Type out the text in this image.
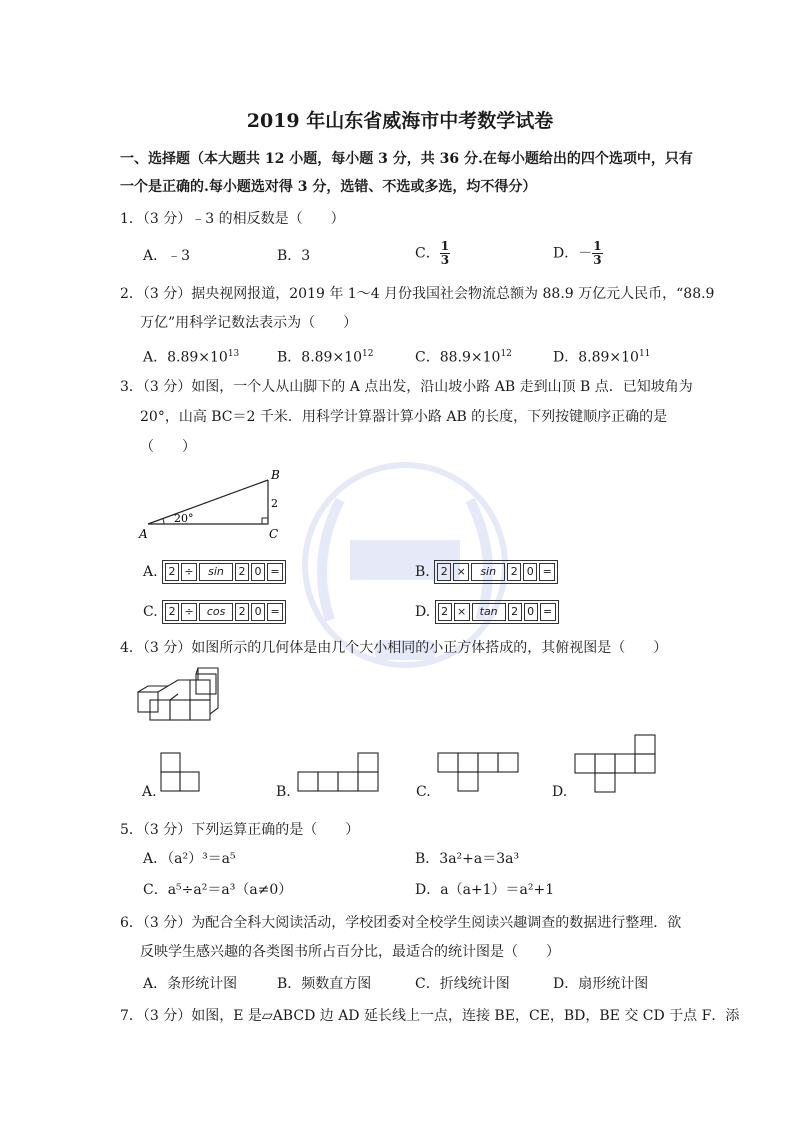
2019 年山东省威海市中考数学试卷
一、选择题（本大题共 12 小题，每小题 3 分，共 36 分.在每小题给出的四个选项中，只有
一个是正确的.每小题选对得 3 分，选错、不选或多选，均不得分）
1．（3 分）﹣3 的相反数是（　　）
A．﹣3	B．3	C． $\frac{1}{3}$	D．－ $\frac{1}{3}$
2．（3 分）据央视网报道，2019 年 1～4 月份我国社会物流总额为 88.9 万亿元人民币，“88.9
万亿”用科学记数法表示为（　　）
A．$8.89\times 10^{13}$	B．$8.89\times 10^{12}$	C．$88.9\times 10^{12}$	D．$8.89\times 10^{11}$
3．（3 分）如图，一个人从山脚下的 A 点出发，沿山坡小路 AB 走到山顶 B 点．已知坡角为
20°，山高 BC＝2 千米．用科学计算器计算小路 AB 的长度，下列按键顺序正确的是
（　　）
A
B
C
20°
2
A. 2 ÷	sin	2 0 =	B. 2 ×	sin	2 0 =
C. 2 ÷	cos	2 0 =	D. 2 ×	tan	2 0 =
4．（3 分）如图所示的几何体是由几个大小相同的小正方体搭成的，其俯视图是（　　）
A.	B.	C.	D.
5．（3 分）下列运算正确的是（　　）
A．（a²）³＝a⁵	B．3a²+a＝3a³
C．a⁵÷a²＝a³（a≠0）	D．a（a+1）＝a²+1
6．（3 分）为配合全科大阅读活动，学校团委对全校学生阅读兴趣调查的数据进行整理．欲
反映学生感兴趣的各类图书所占百分比，最适合的统计图是（　　）
A．条形统计图	B．频数直方图	C．折线统计图	D．扇形统计图
7．（3 分）如图，E 是▱ABCD 边 AD 延长线上一点，连接 BE，CE，BD，BE 交 CD 于点 F．添
